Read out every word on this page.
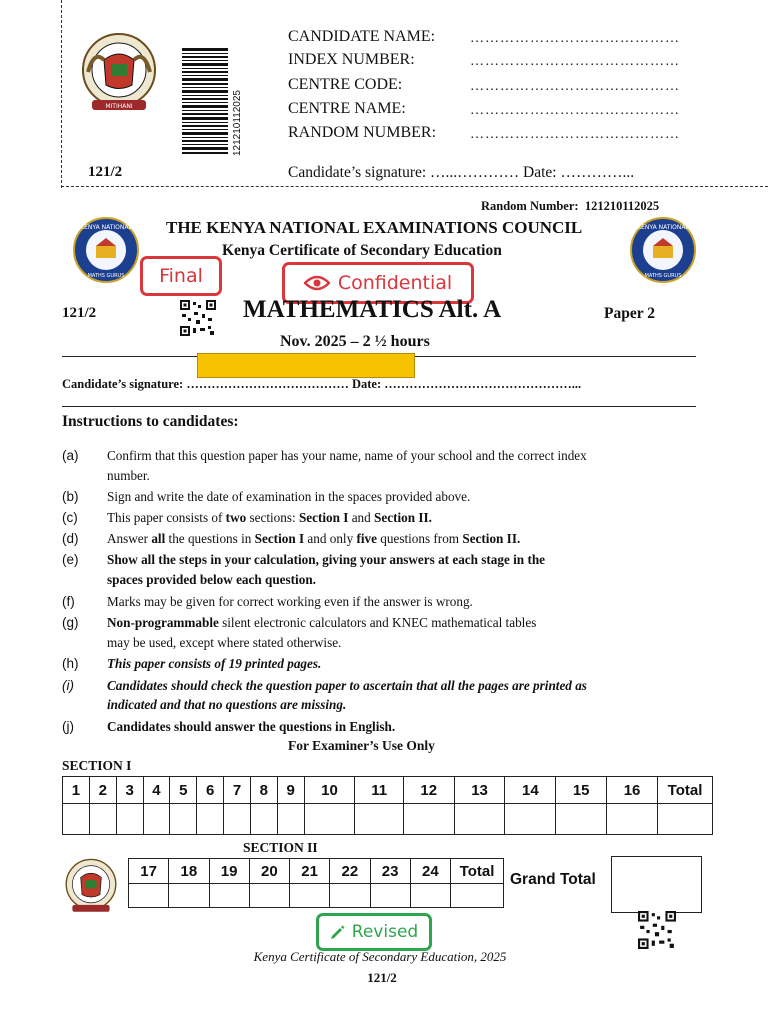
MITIHANI	121210112025
CANDIDATE NAME: ……………………………………
INDEX NUMBER:	……………………………………
CENTRE CODE:	……………………………………
CENTRE NAME:	……………………………………
RANDOM NUMBER: ……………………………………
121/2	Candidate’s signature: …...………… Date: …………...
Random Number: 121210112025
KENYA NATIONAL
MATHS GURUS
KENYA NATIONAL
MATHS GURUS
THE KENYA NATIONAL EXAMINATIONS COUNCIL
Kenya Certificate of Secondary Education
Final	Confidential
121/2	MATHEMATICS Alt. A	Paper 2
Nov. 2025 – 2 ½ hours
Candidate’s signature: ………………………………… Date: ………………………………………...
Instructions to candidates:
(a) Confirm that this question paper has your name, name of your school and the correct index
number.
(b) Sign and write the date of examination in the spaces provided above.
(c) This paper consists of two sections: Section I and Section II.
(d) Answer all the questions in Section I and only five questions from Section II.
(e) Show all the steps in your calculation, giving your answers at each stage in the
spaces provided below each question.
(f) Marks may be given for correct working even if the answer is wrong.
(g) Non-programmable silent electronic calculators and KNEC mathematical tables
may be used, except where stated otherwise.
(h) This paper consists of 19 printed pages.
(i)	Candidates should check the question paper to ascertain that all the pages are printed as
indicated and that no questions are missing.
(j)	Candidates should answer the questions in English.
For Examiner’s Use Only
SECTION I
1	2	3	4	5	6	7	8	9	10	11	12	13	14	15	16	Total

SECTION II
17	18	19	20	21	22	23	24	Total
								Grand Total
Revised
Kenya Certificate of Secondary Education, 2025
121/2
